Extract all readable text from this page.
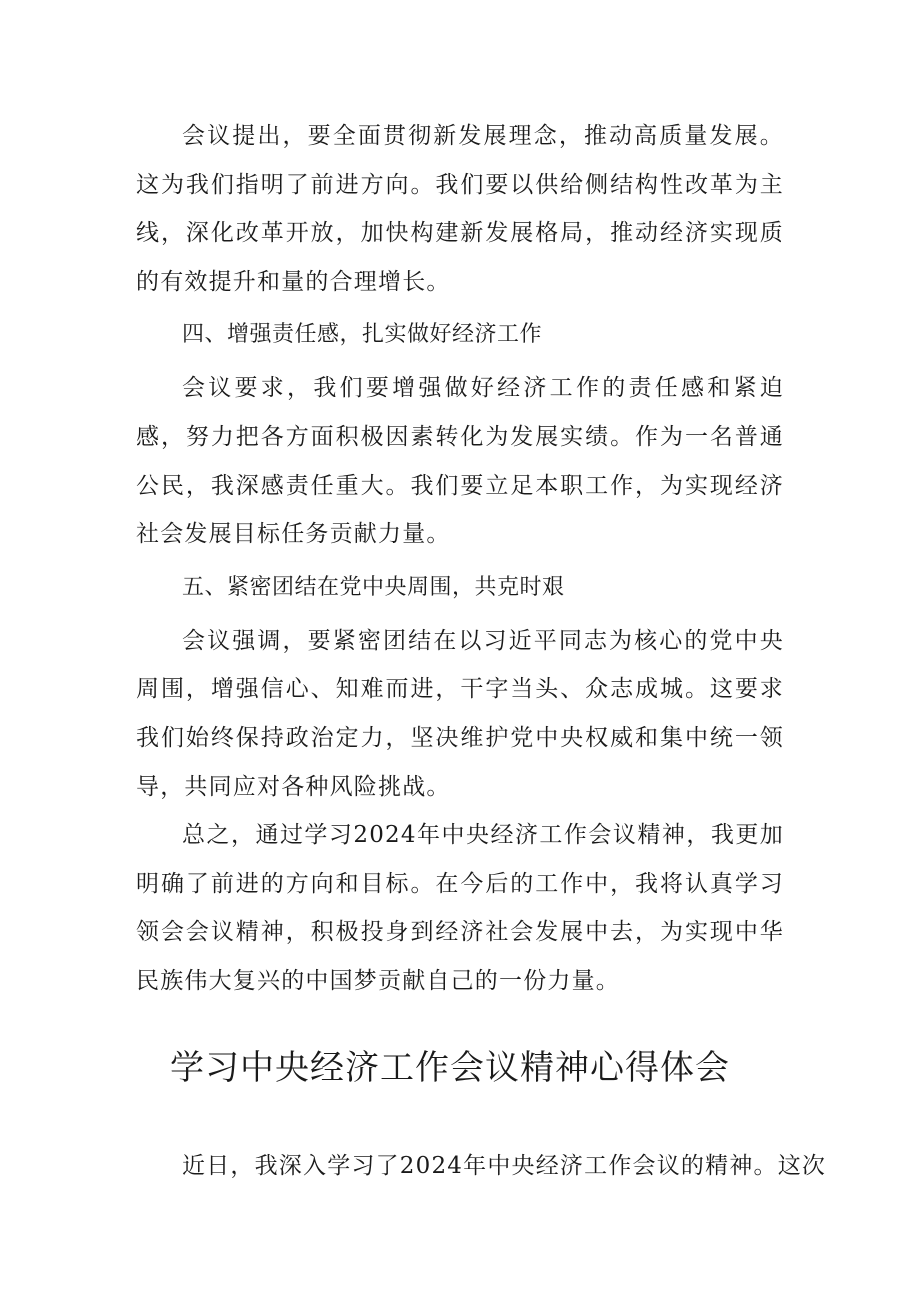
会议提出，要全面贯彻新发展理念，推动高质量发展。这为我们指明了前进方向。我们要以供给侧结构性改革为主线，深化改革开放，加快构建新发展格局，推动经济实现质的有效提升和量的合理增长。

四、增强责任感，扎实做好经济工作

会议要求，我们要增强做好经济工作的责任感和紧迫感，努力把各方面积极因素转化为发展实绩。作为一名普通公民，我深感责任重大。我们要立足本职工作，为实现经济社会发展目标任务贡献力量。

五、紧密团结在党中央周围，共克时艰

会议强调，要紧密团结在以习近平同志为核心的党中央周围，增强信心、知难而进，干字当头、众志成城。这要求我们始终保持政治定力，坚决维护党中央权威和集中统一领导，共同应对各种风险挑战。

总之，通过学习2024年中央经济工作会议精神，我更加明确了前进的方向和目标。在今后的工作中，我将认真学习领会会议精神，积极投身到经济社会发展中去，为实现中华民族伟大复兴的中国梦贡献自己的一份力量。

学习中央经济工作会议精神心得体会

近日，我深入学习了2024年中央经济工作会议的精神。这次
